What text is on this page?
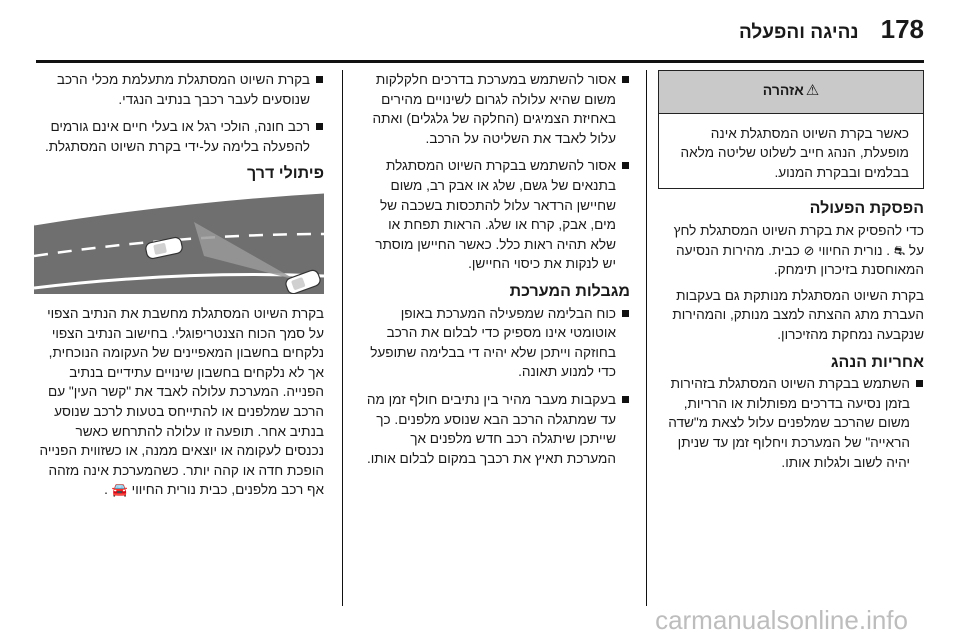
178
נהיגה והפעלה
⚠
אזהרה
כאשר בקרת השיוט המסתגלת אינה מופעלת, הנהג חייב לשלוט שליטה מלאה בבלמים ובבקרת המנוע.
הפסקת הפעולה

כדי להפסיק את בקרת השיוט המסתגלת לחץ על ⛐ . נורית החיווי ⊘ כבית. מהירות הנסיעה המאוחסנת בזיכרון תימחק.

בקרת השיוט המסתגלת מנותקת גם בעקבות העברת מתג ההצתה למצב מנותק, והמהירות שנקבעה נמחקת מהזיכרון.

אחריות הנהג
השתמש בבקרת השיוט המסתגלת בזהירות בזמן נסיעה בדרכים מפותלות או הרריות, משום שהרכב שמלפנים עלול לצאת מ"שדה הראייה" של המערכת ויחלוף זמן עד שניתן יהיה לשוב ולגלות אותו.
אסור להשתמש במערכת בדרכים חלקלקות משום שהיא עלולה לגרום לשינויים מהירים באחיזת הצמיגים (החלקה של גלגלים) ואתה עלול לאבד את השליטה על הרכב.
אסור להשתמש בבקרת השיוט המסתגלת בתנאים של גשם, שלג או אבק רב, משום שחיישן הרדאר עלול להתכסות בשכבה של מים, אבק, קרח או שלג. הראות תפחת או שלא תהיה ראות כלל. כאשר החיישן מוסתר יש לנקות את כיסוי החיישן.
מגבלות המערכת
כוח הבלימה שמפעילה המערכת באופן אוטומטי אינו מספיק כדי לבלום את הרכב בחוזקה וייתכן שלא יהיה די בבלימה שתופעל כדי למנוע תאונה.
בעקבות מעבר מהיר בין נתיבים חולף זמן מה עד שמתגלה הרכב הבא שנוסע מלפנים. כך שייתכן שיתגלה רכב חדש מלפנים אך המערכת תאיץ את רכבך במקום לבלום אותו.
בקרת השיוט המסתגלת מתעלמת מכלי הרכב שנוסעים לעבר רכבך בנתיב הנגדי.
רכב חונה, הולכי רגל או בעלי חיים אינם גורמים להפעלה בלימה על-ידי בקרת השיוט המסתגלת.
פיתולי דרך

בקרת השיוט המסתגלת מחשבת את הנתיב הצפוי על סמך הכוח הצנטריפוגלי. בחישוב הנתיב הצפוי נלקחים בחשבון המאפיינים של העקומה הנוכחית, אך לא נלקחים בחשבון שינויים עתידיים בנתיב הפנייה. המערכת עלולה לאבד את "קשר העין" עם הרכב שמלפנים או להתייחס בטעות לרכב שנוסע בנתיב אחר. תופעה זו עלולה להתרחש כאשר נכנסים לעקומה או יוצאים ממנה, או כשזווית הפנייה הופכת חדה או קהה יותר. כשהמערכת אינה מזהה אף רכב מלפנים, כבית נורית החיווי 🚘 .

carmanualsonline.info
